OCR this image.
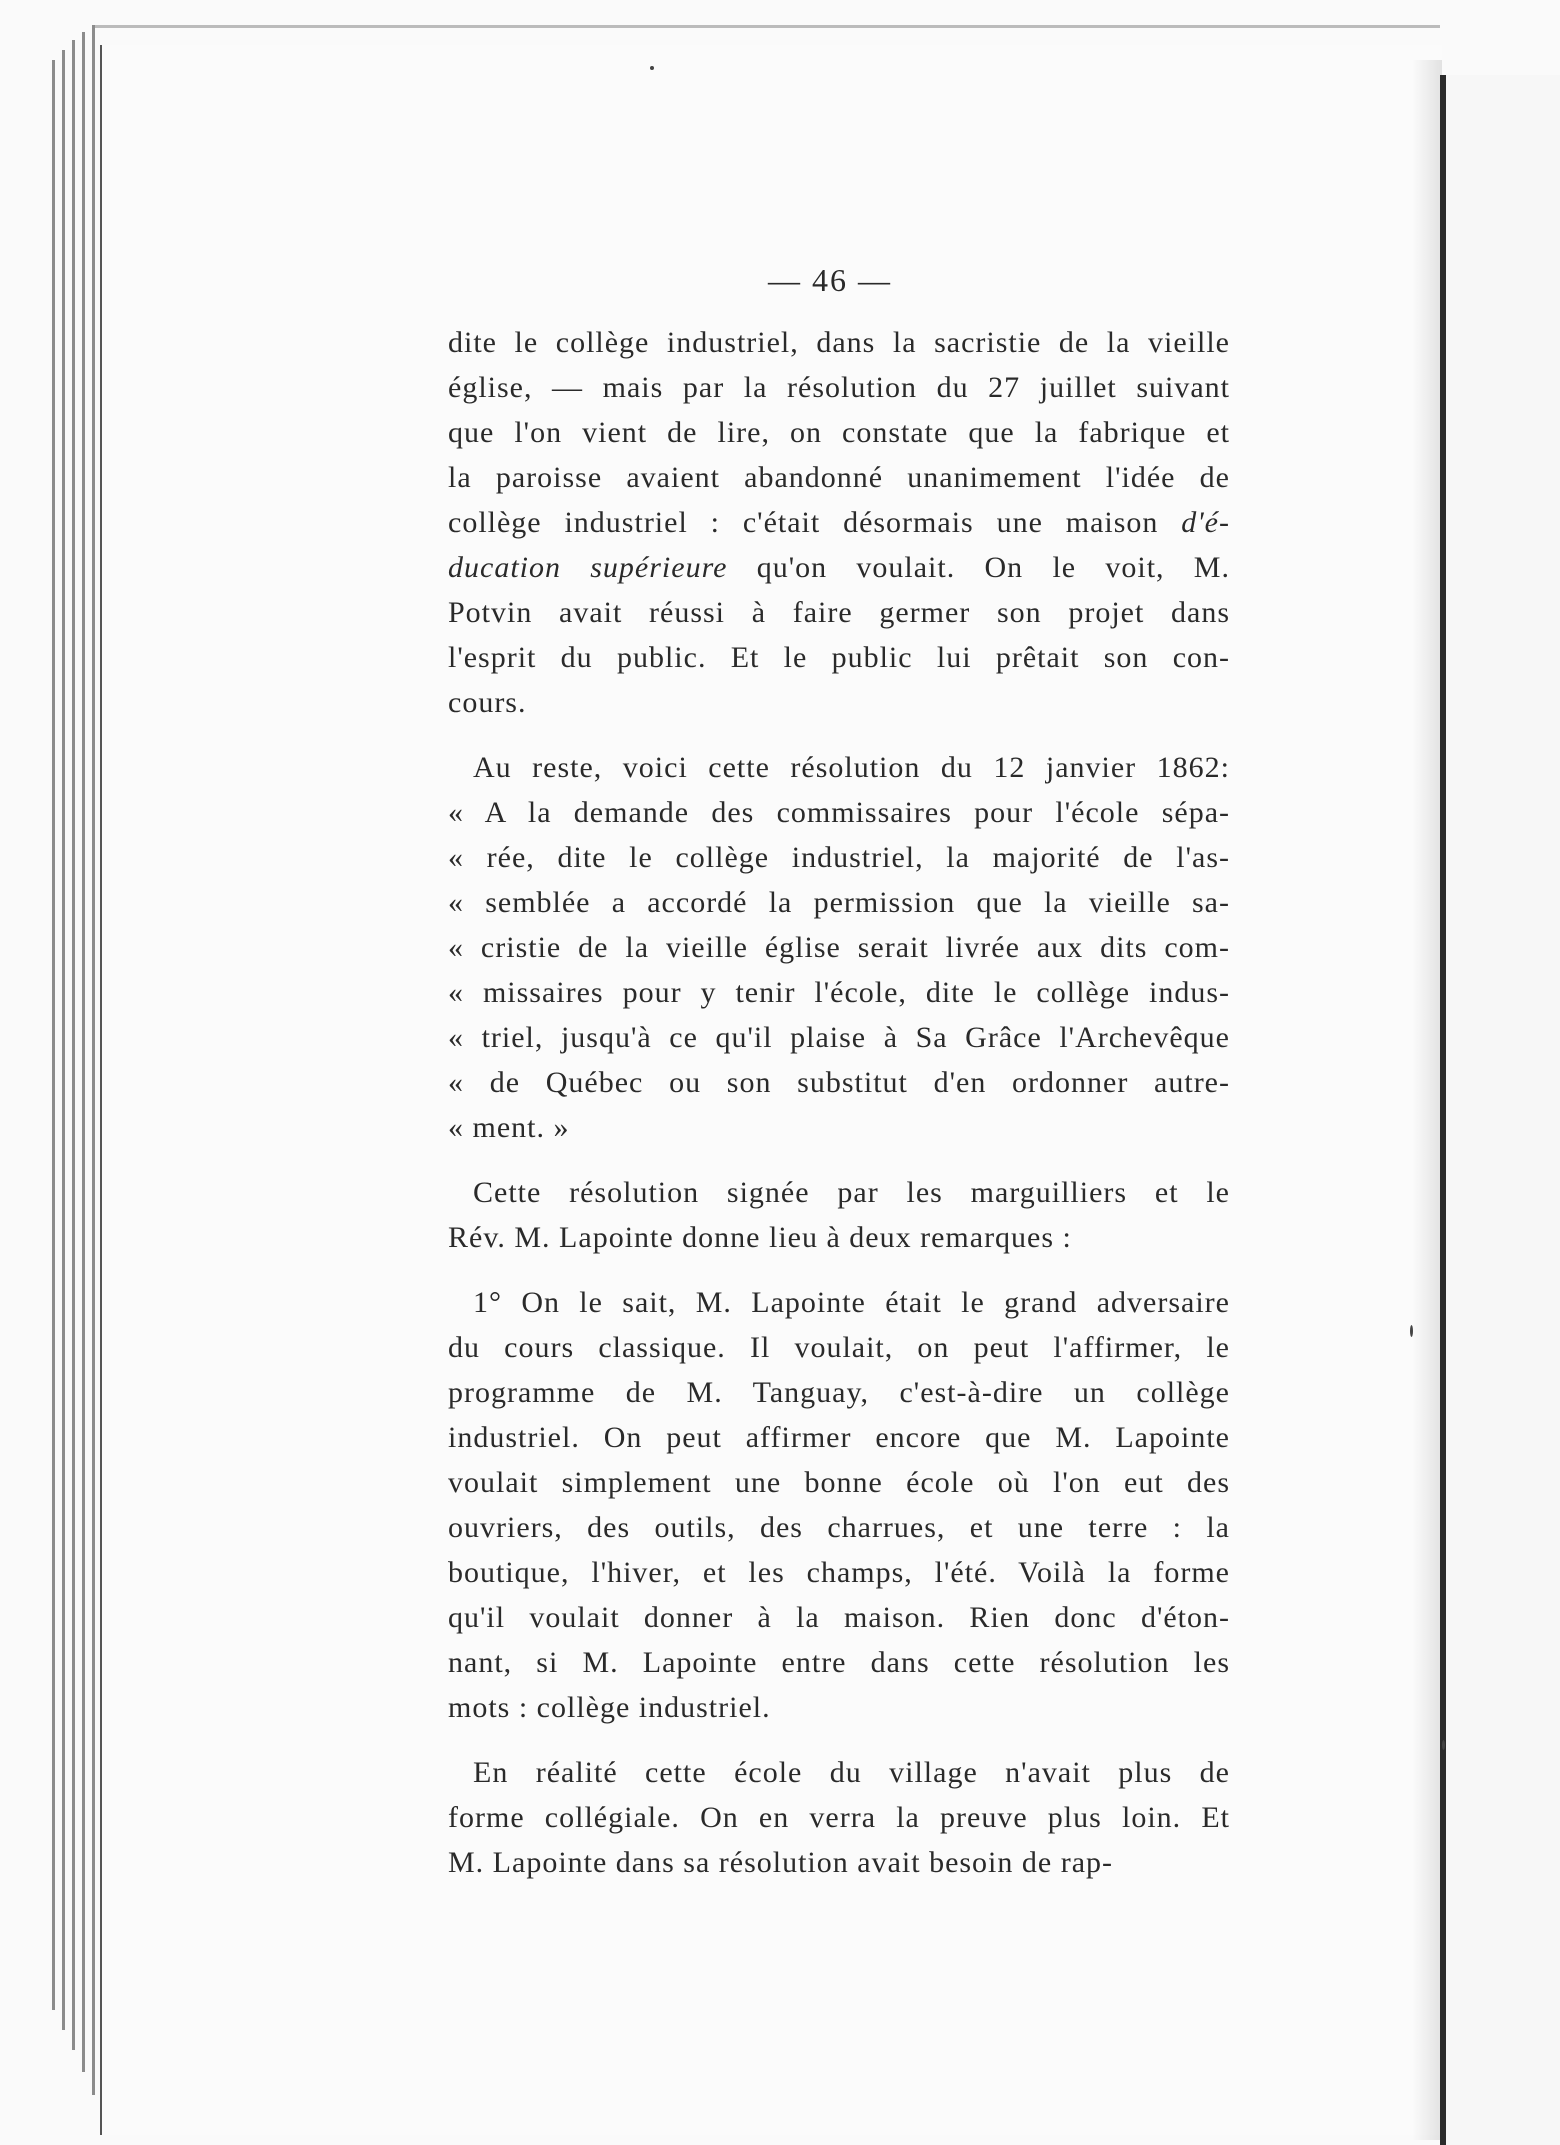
— 46 —
dite le collège industriel, dans la sacristie de la vieille
église, — mais par la résolution du 27 juillet suivant
que l'on vient de lire, on constate que la fabrique et
la paroisse avaient abandonné unanimement l'idée de
collège industriel : c'était désormais une maison d'é-
ducation supérieure qu'on voulait. On le voit, M.
Potvin avait réussi à faire germer son projet dans
l'esprit du public. Et le public lui prêtait son con-
cours.
Au reste, voici cette résolution du 12 janvier 1862:
« A la demande des commissaires pour l'école sépa-
« rée, dite le collège industriel, la majorité de l'as-
« semblée a accordé la permission que la vieille sa-
« cristie de la vieille église serait livrée aux dits com-
« missaires pour y tenir l'école, dite le collège indus-
« triel, jusqu'à ce qu'il plaise à Sa Grâce l'Archevêque
« de Québec ou son substitut d'en ordonner autre-
« ment. »
Cette résolution signée par les marguilliers et le
Rév. M. Lapointe donne lieu à deux remarques :
1° On le sait, M. Lapointe était le grand adversaire
du cours classique. Il voulait, on peut l'affirmer, le
programme de M. Tanguay, c'est-à-dire un collège
industriel. On peut affirmer encore que M. Lapointe
voulait simplement une bonne école où l'on eut des
ouvriers, des outils, des charrues, et une terre : la
boutique, l'hiver, et les champs, l'été. Voilà la forme
qu'il voulait donner à la maison. Rien donc d'éton-
nant, si M. Lapointe entre dans cette résolution les
mots : collège industriel.
En réalité cette école du village n'avait plus de
forme collégiale. On en verra la preuve plus loin. Et
M. Lapointe dans sa résolution avait besoin de rap-
